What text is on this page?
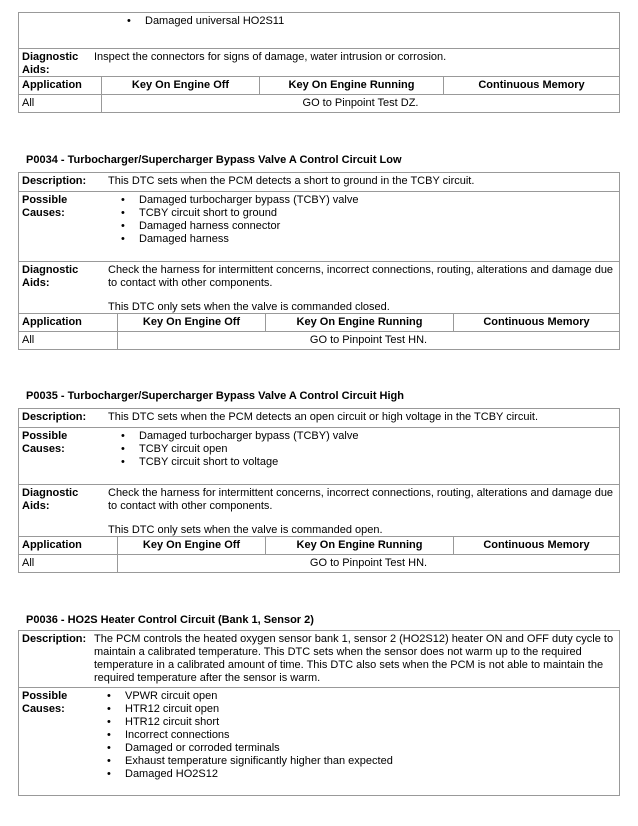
• Damaged universal HO2S11
Diagnostic Aids:
Inspect the connectors for signs of damage, water intrusion or corrosion.
Application	Key On Engine Off	Key On Engine Running	Continuous Memory
All	GO to Pinpoint Test DZ.
P0034 - Turbocharger/Supercharger Bypass Valve A Control Circuit Low
Description:	This DTC sets when the PCM detects a short to ground in the TCBY circuit.
Possible Causes:
• Damaged turbocharger bypass (TCBY) valve
• TCBY circuit short to ground
• Damaged harness connector
• Damaged harness
Diagnostic Aids:

Check the harness for intermittent concerns, incorrect connections, routing, alterations and damage due to contact with other components.

This DTC only sets when the valve is commanded closed.

Application	Key On Engine Off	Key On Engine Running	Continuous Memory
All	GO to Pinpoint Test HN.
P0035 - Turbocharger/Supercharger Bypass Valve A Control Circuit High
Description:	This DTC sets when the PCM detects an open circuit or high voltage in the TCBY circuit.
Possible Causes:
• Damaged turbocharger bypass (TCBY) valve
• TCBY circuit open
• TCBY circuit short to voltage
Diagnostic Aids:

Check the harness for intermittent concerns, incorrect connections, routing, alterations and damage due to contact with other components.

This DTC only sets when the valve is commanded open.

Application	Key On Engine Off	Key On Engine Running	Continuous Memory
All	GO to Pinpoint Test HN.
P0036 - HO2S Heater Control Circuit (Bank 1, Sensor 2)
Description: The PCM controls the heated oxygen sensor bank 1, sensor 2 (HO2S12) heater ON and OFF duty cycle to maintain a calibrated temperature. This DTC sets when the sensor does not warm up to the required temperature in a calibrated amount of time. This DTC also sets when the PCM is not able to maintain the required temperature after the sensor is warm.
Possible Causes:
• VPWR circuit open
• HTR12 circuit open
• HTR12 circuit short
• Incorrect connections
• Damaged or corroded terminals
• Exhaust temperature significantly higher than expected
• Damaged HO2S12
